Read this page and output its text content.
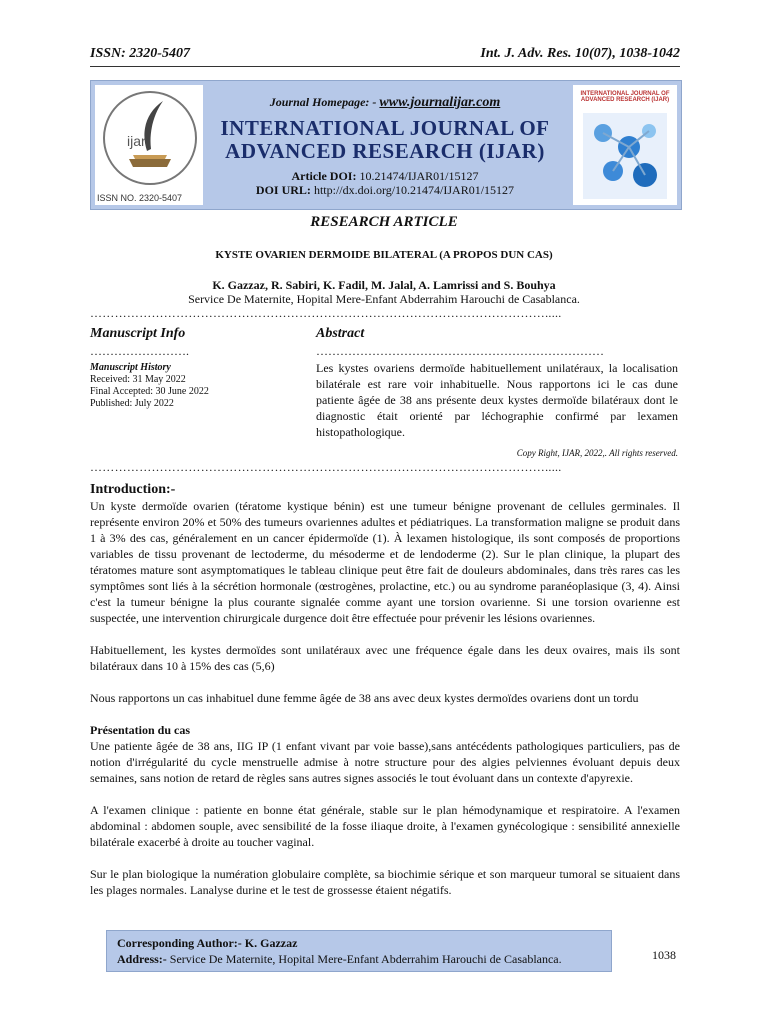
ISSN: 2320-5407	Int. J. Adv. Res. 10(07), 1038-1042
ijar
ISSN NO. 2320-5407
Journal Homepage: - www.journalijar.com
INTERNATIONAL JOURNAL OF
ADVANCED RESEARCH (IJAR)
Article DOI: 10.21474/IJAR01/15127
DOI URL: http://dx.doi.org/10.21474/IJAR01/15127
INTERNATIONAL JOURNAL OF ADVANCED RESEARCH (IJAR)
RESEARCH ARTICLE
KYSTE OVARIEN DERMOIDE BILATERAL (A PROPOS DUN CAS)
K. Gazzaz, R. Sabiri, K. Fadil, M. Jalal, A. Lamrissi and S. Bouhya
Service De Maternite, Hopital Mere-Enfant Abderrahim Harouchi de Casablanca.
………………………………………………………………………………………………….....
Manuscript Info
…………………….
Manuscript History
Received: 31 May 2022
Final Accepted: 30 June 2022
Published: July 2022
Abstract
………………………………………………………………
Les kystes ovariens dermoïde habituellement unilatéraux, la localisation bilatérale est rare voir inhabituelle. Nous rapportons ici le cas dune patiente âgée de 38 ans présente deux kystes dermoïde bilatéraux dont le diagnostic était orienté par léchographie confirmé par lexamen histopathologique.
Copy Right, IJAR, 2022,. All rights reserved.
………………………………………………………………………………………………….....
Introduction:-

Un kyste dermoïde ovarien (tératome kystique bénin) est une tumeur bénigne provenant de cellules germinales. Il représente environ 20% et 50% des tumeurs ovariennes adultes et pédiatriques. La transformation maligne se produit dans 1 à 3% des cas, généralement en un cancer épidermoïde (1). À lexamen histologique, ils sont composés de proportions variables de tissu provenant de lectoderme, du mésoderme et de lendoderme (2). Sur le plan clinique, la plupart des tératomes mature sont asymptomatiques le tableau clinique peut être fait de douleurs abdominales, dans très rares cas les symptômes sont liés à la sécrétion hormonale (œstrogènes, prolactine, etc.) ou au syndrome paranéoplasique (3, 4). Ainsi c'est la tumeur bénigne la plus courante signalée comme ayant une torsion ovarienne. Si une torsion ovarienne est suspectée, une intervention chirurgicale durgence doit être effectuée pour prévenir les lésions ovariennes.

Habituellement, les kystes dermoïdes sont unilatéraux avec une fréquence égale dans les deux ovaires, mais ils sont bilatéraux dans 10 à 15% des cas (5,6)

Nous rapportons un cas inhabituel dune femme âgée de 38 ans avec deux kystes dermoïdes ovariens dont un tordu

Présentation du cas

Une patiente âgée de 38 ans, IIG IP (1 enfant vivant par voie basse),sans antécédents pathologiques particuliers, pas de notion d'irrégularité du cycle menstruelle admise à notre structure pour des algies pelviennes évoluant depuis deux semaines, sans notion de retard de règles sans autres signes associés le tout évoluant dans un contexte d'apyrexie.

A l'examen clinique : patiente en bonne état générale, stable sur le plan hémodynamique et respiratoire. A l'examen abdominal : abdomen souple, avec sensibilité de la fosse iliaque droite, à l'examen gynécologique : sensibilité annexielle bilatérale exacerbé à droite au toucher vaginal.

Sur le plan biologique la numération globulaire complète, sa biochimie sérique et son marqueur tumoral se situaient dans les plages normales. Lanalyse durine et le test de grossesse étaient négatifs.

Corresponding Author:- K. Gazzaz
Address:- Service De Maternite, Hopital Mere-Enfant Abderrahim Harouchi de Casablanca.	1038
